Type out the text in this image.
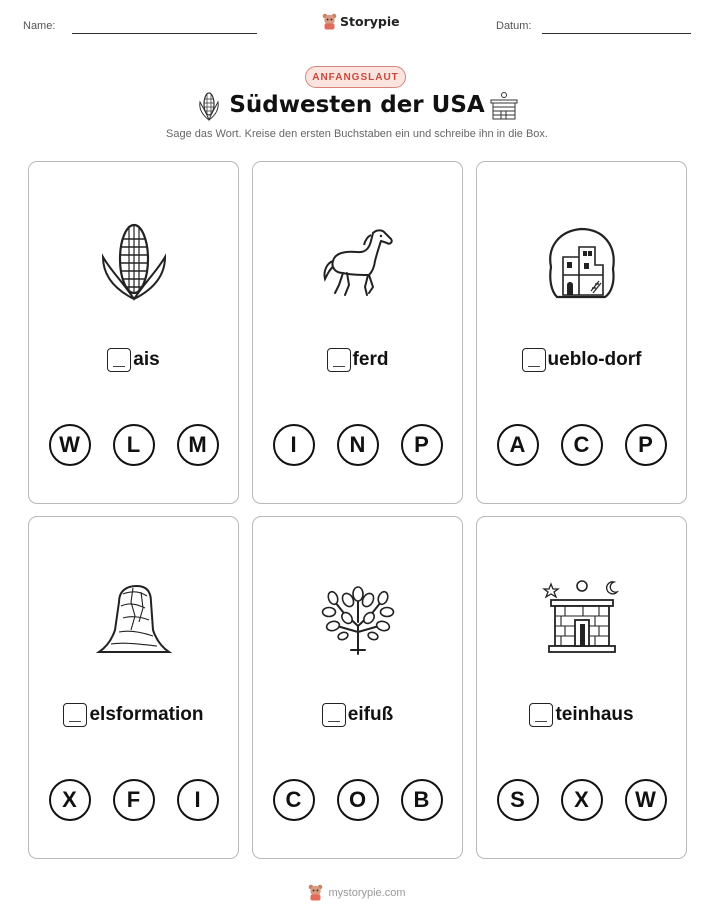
Name:	Storypie	Datum:
ANFANGSLAUT
Südwesten der USA
Sage das Wort. Kreise den ersten Buchstaben ein und schreibe ihn in die Box.
ais
W	L	M
ferd
I	N	P
ueblo-dorf
A	C	P
elsformation
X	F	I
eifuß
C	O	B
teinhaus
S	X	W
mystorypie.com
